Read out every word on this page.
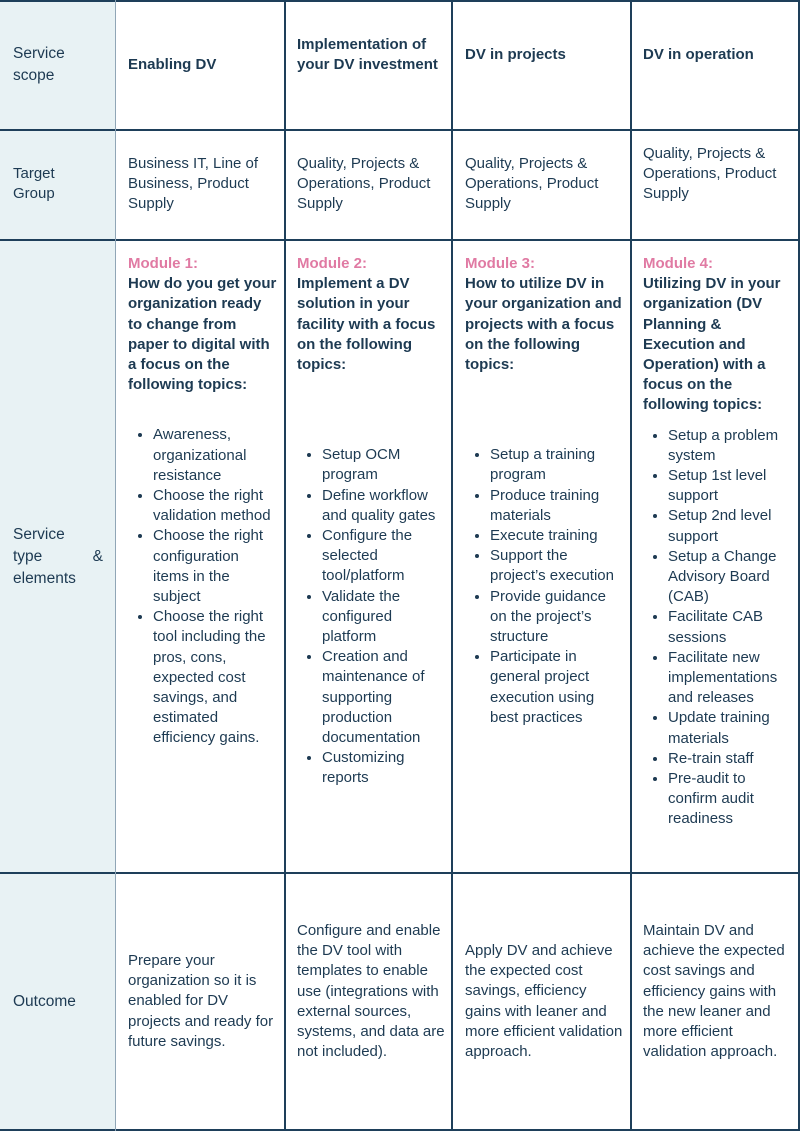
Service scope
Target Group
Service
type	&
elements
Outcome
Enabling DV
Business IT, Line of Business, Product Supply
Module 1:
How do you get your organization ready to change from paper to digital with a focus on the following topics:
• Awareness, organizational resistance
• Choose the right validation method
• Choose the right configuration items in the subject
• Choose the right tool including the pros, cons, expected cost savings, and estimated efficiency gains.
Prepare your organization so it is enabled for DV projects and ready for future savings.
Implementation of your DV investment
Quality, Projects & Operations, Product Supply
Module 2:
Implement a DV solution in your facility with a focus on the following topics:
• Setup OCM program
• Define workflow and quality gates
• Configure the selected tool/platform
• Validate the configured platform
• Creation and maintenance of supporting production documentation
• Customizing reports
Configure and enable the DV tool with templates to enable use (integrations with external sources, systems, and data are not included).
DV in projects
Quality, Projects & Operations, Product Supply
Module 3:
How to utilize DV in your organization and projects with a focus on the following topics:
• Setup a training program
• Produce training materials
• Execute training
• Support the project’s execution
• Provide guidance on the project’s structure
• Participate in general project execution using best practices
Apply DV and achieve the expected cost savings, efficiency gains with leaner and more efficient validation approach.
DV in operation
Quality, Projects & Operations, Product Supply
Module 4:
Utilizing DV in your organization (DV Planning & Execution and Operation) with a focus on the following topics:
• Setup a problem system
• Setup 1st level support
• Setup 2nd level support
• Setup a Change Advisory Board (CAB)
• Facilitate CAB sessions
• Facilitate new implementations and releases
• Update training materials
• Re-train staff
• Pre-audit to confirm audit readiness
Maintain DV and achieve the expected cost savings and efficiency gains with the new leaner and more efficient validation approach.
